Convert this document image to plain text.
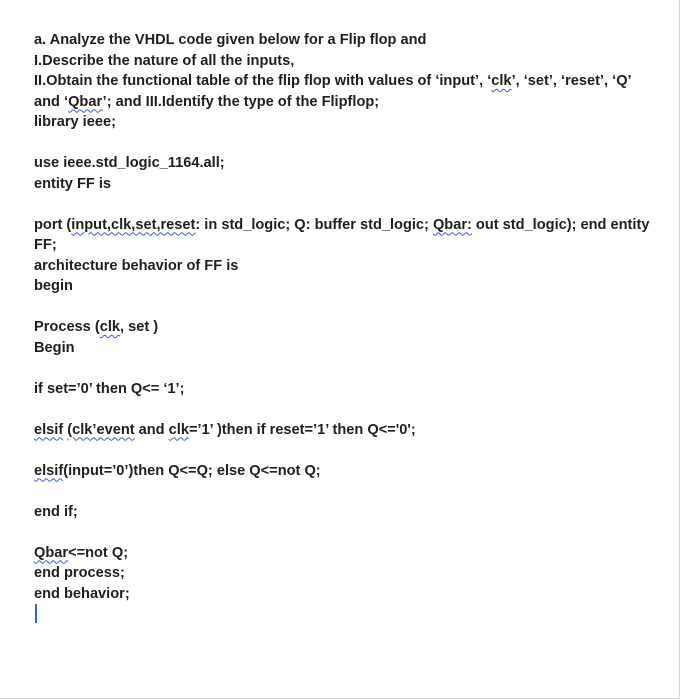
a. Analyze the VHDL code given below for a Flip flop and
I.Describe the nature of all the inputs,
II.Obtain the functional table of the flip flop with values of ‘input’, ‘clk’, ‘set’, ‘reset’, ‘Q’
and ‘Qbar’; and III.Identify the type of the Flipflop;
library ieee;
use ieee.std_logic_1164.all;
entity FF is
port (input,clk,set,reset: in std_logic; Q: buffer std_logic; Qbar: out std_logic); end entity FF;
architecture behavior of FF is
begin
Process (clk, set )
Begin
if set=’0’ then Q<= ‘1’;
elsif (clk’event and clk=’1’ )then if reset=’1’ then Q<='0';
elsif(input=’0’)then Q<=Q; else Q<=not Q;
end if;
Qbar<=not Q;
end process;
end behavior;
